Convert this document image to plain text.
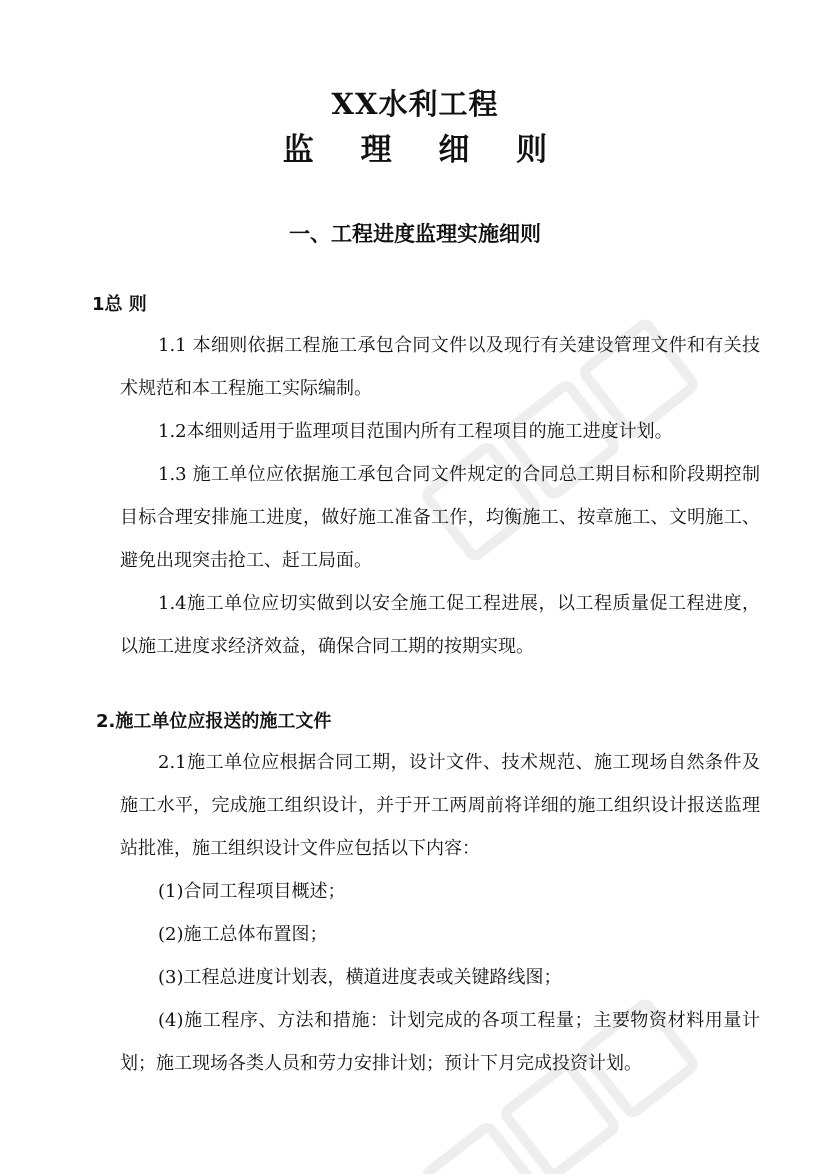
XX水利工程
监 理 细 则
一、工程进度监理实施细则
1总 则
1.1 本细则依据工程施工承包合同文件以及现行有关建设管理文件和有关技术规范和本工程施工实际编制。
1.2本细则适用于监理项目范围内所有工程项目的施工进度计划。
1.3 施工单位应依据施工承包合同文件规定的合同总工期目标和阶段期控制目标合理安排施工进度，做好施工准备工作，均衡施工、按章施工、文明施工、避免出现突击抢工、赶工局面。
1.4施工单位应切实做到以安全施工促工程进展，以工程质量促工程进度，以施工进度求经济效益，确保合同工期的按期实现。
2.施工单位应报送的施工文件
2.1施工单位应根据合同工期，设计文件、技术规范、施工现场自然条件及施工水平，完成施工组织设计，并于开工两周前将详细的施工组织设计报送监理站批准，施工组织设计文件应包括以下内容：
(1)合同工程项目概述；
(2)施工总体布置图；
(3)工程总进度计划表，横道进度表或关键路线图；
(4)施工程序、方法和措施：计划完成的各项工程量；主要物资材料用量计划；施工现场各类人员和劳力安排计划；预计下月完成投资计划。
